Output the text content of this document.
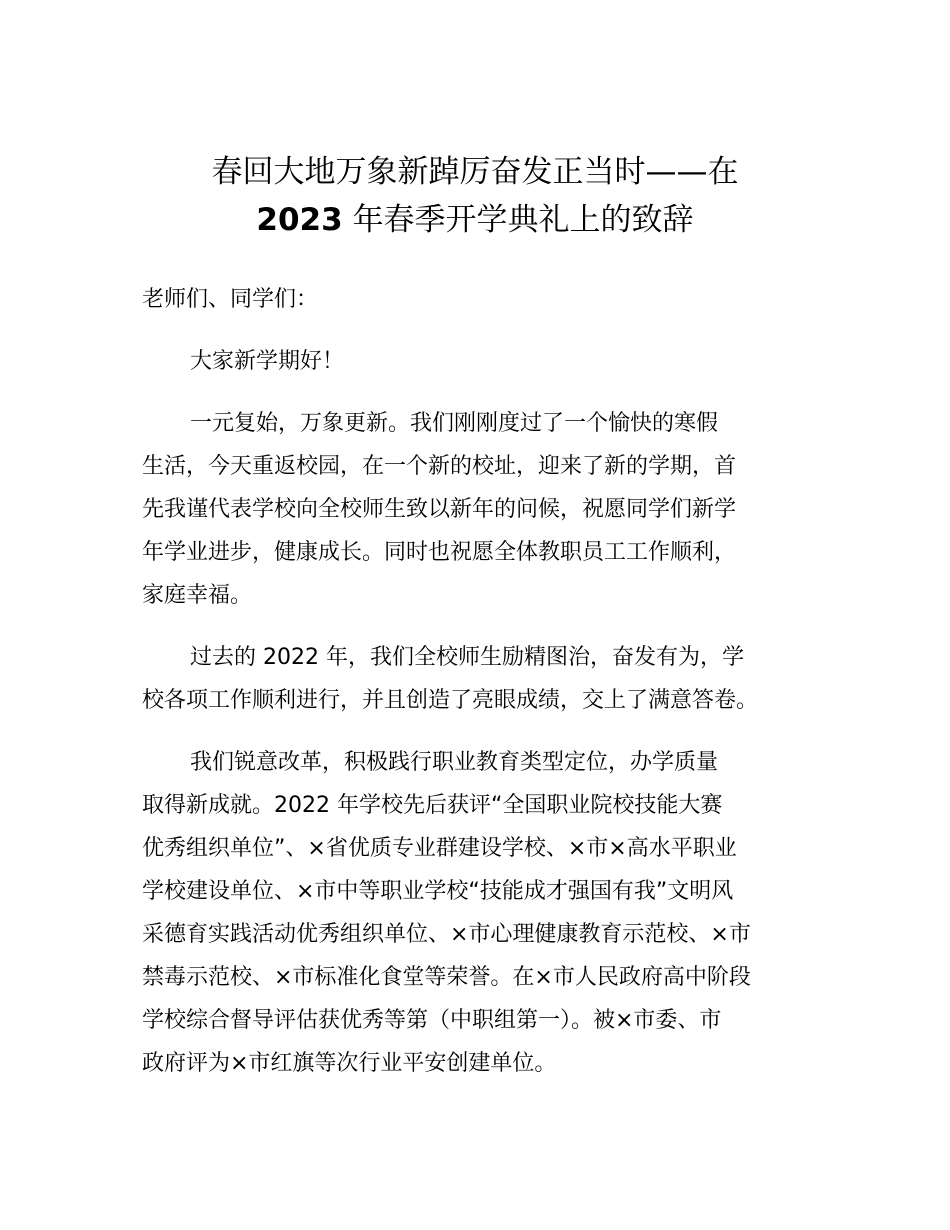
春回大地万象新踔厉奋发正当时——在
2023 年春季开学典礼上的致辞

老师们、同学们：

大家新学期好！

一元复始，万象更新。我们刚刚度过了一个愉快的寒假
生活，今天重返校园，在一个新的校址，迎来了新的学期，首
先我谨代表学校向全校师生致以新年的问候，祝愿同学们新学
年学业进步，健康成长。同时也祝愿全体教职员工工作顺利，
家庭幸福。

过去的 2022 年，我们全校师生励精图治，奋发有为，学
校各项工作顺利进行，并且创造了亮眼成绩，交上了满意答卷。

我们锐意改革，积极践行职业教育类型定位，办学质量
取得新成就。2022 年学校先后获评“全国职业院校技能大赛
优秀组织单位”、×省优质专业群建设学校、×市×高水平职业
学校建设单位、×市中等职业学校“技能成才强国有我”文明风
采德育实践活动优秀组织单位、×市心理健康教育示范校、×市
禁毒示范校、×市标准化食堂等荣誉。在×市人民政府高中阶段
学校综合督导评估获优秀等第（中职组第一）。被×市委、市
政府评为×市红旗等次行业平安创建单位。
